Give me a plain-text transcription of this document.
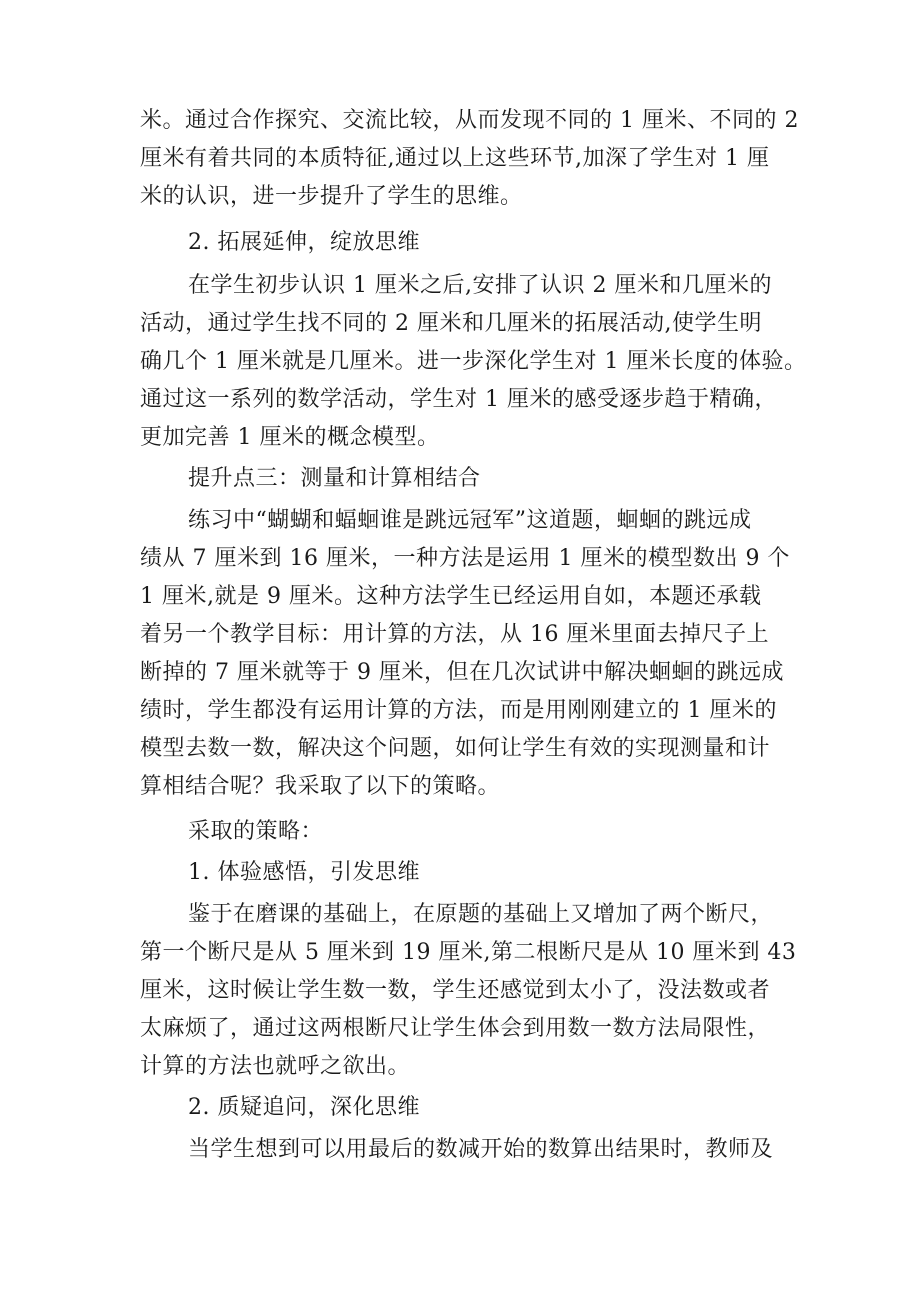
米。通过合作探究、交流比较，从而发现不同的 1 厘米、不同的 2
厘米有着共同的本质特征,通过以上这些环节,加深了学生对 1 厘
米的认识，进一步提升了学生的思维。
2. 拓展延伸，绽放思维
在学生初步认识 1 厘米之后,安排了认识 2 厘米和几厘米的
活动，通过学生找不同的 2 厘米和几厘米的拓展活动,使学生明
确几个 1 厘米就是几厘米。进一步深化学生对 1 厘米长度的体验。
通过这一系列的数学活动，学生对 1 厘米的感受逐步趋于精确，
更加完善 1 厘米的概念模型。
提升点三：测量和计算相结合
练习中“蝴蝴和蝠蛔谁是跳远冠军”这道题，蛔蛔的跳远成
绩从 7 厘米到 16 厘米，一种方法是运用 1 厘米的模型数出 9 个
1 厘米,就是 9 厘米。这种方法学生已经运用自如，本题还承载
着另一个教学目标：用计算的方法，从 16 厘米里面去掉尺子上
断掉的 7 厘米就等于 9 厘米，但在几次试讲中解决蛔蛔的跳远成
绩时，学生都没有运用计算的方法，而是用刚刚建立的 1 厘米的
模型去数一数，解决这个问题，如何让学生有效的实现测量和计
算相结合呢？我采取了以下的策略。
采取的策略：
1. 体验感悟，引发思维
鉴于在磨课的基础上，在原题的基础上又增加了两个断尺，
第一个断尺是从 5 厘米到 19 厘米,第二根断尺是从 10 厘米到 43
厘米，这时候让学生数一数，学生还感觉到太小了，没法数或者
太麻烦了，通过这两根断尺让学生体会到用数一数方法局限性，
计算的方法也就呼之欲出。
2. 质疑追问，深化思维
当学生想到可以用最后的数减开始的数算出结果时，教师及
